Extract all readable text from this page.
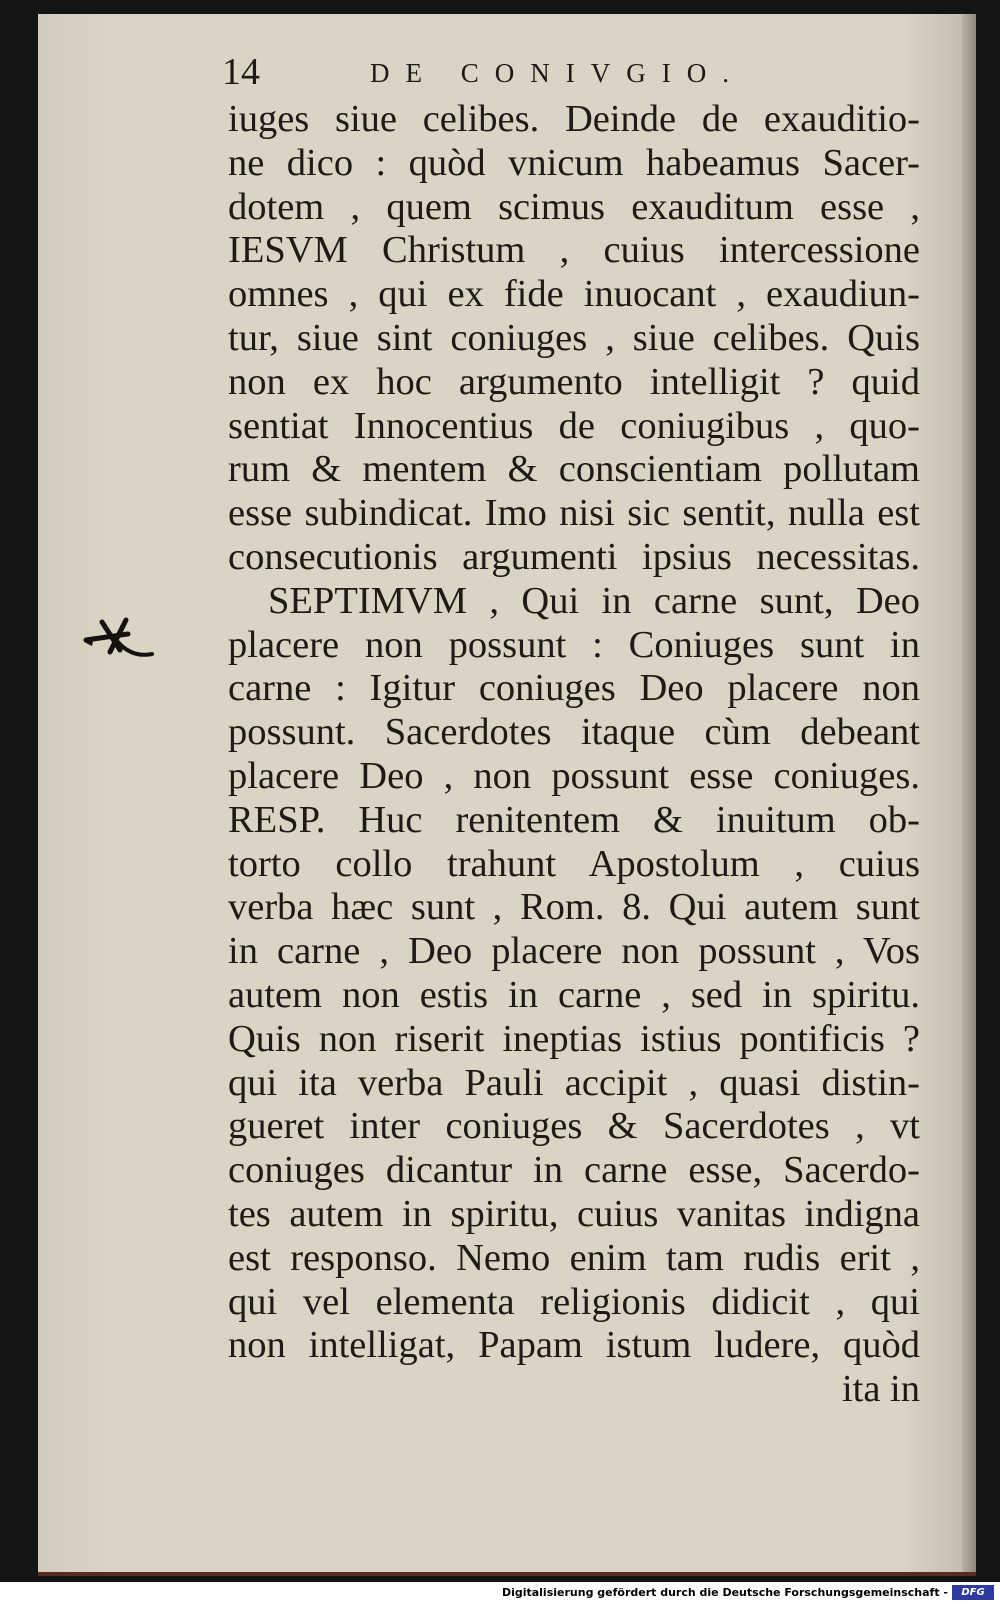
14	DE CONIVGIO.
iuges siue celibes. Deinde de exauditio-
ne dico : quòd vnicum habeamus Sacer-
dotem , quem scimus exauditum esse ,
IESVM Christum , cuius intercessione
omnes , qui ex fide inuocant , exaudiun-
tur, siue sint coniuges , siue celibes. Quis
non ex hoc argumento intelligit ? quid
sentiat Innocentius de coniugibus , quo-
rum & mentem & conscientiam pollutam
esse subindicat. Imo nisi sic sentit, nulla est
consecutionis argumenti ipsius necessitas.
SEPTIMVM , Qui in carne sunt, Deo
placere non possunt : Coniuges sunt in
carne : Igitur coniuges Deo placere non
possunt. Sacerdotes itaque cùm debeant
placere Deo , non possunt esse coniuges.
RESP. Huc renitentem & inuitum ob-
torto collo trahunt Apostolum , cuius
verba hæc sunt , Rom. 8. Qui autem sunt
in carne , Deo placere non possunt , Vos
autem non estis in carne , sed in spiritu.
Quis non riserit ineptias istius pontificis ?
qui ita verba Pauli accipit , quasi distin-
gueret inter coniuges & Sacerdotes , vt
coniuges dicantur in carne esse, Sacerdo-
tes autem in spiritu, cuius vanitas indigna
est responso. Nemo enim tam rudis erit ,
qui vel elementa religionis didicit , qui
non intelligat, Papam istum ludere, quòd
ita in
Digitalisierung gefördert durch die Deutsche Forschungsgemeinschaft -	DFG
